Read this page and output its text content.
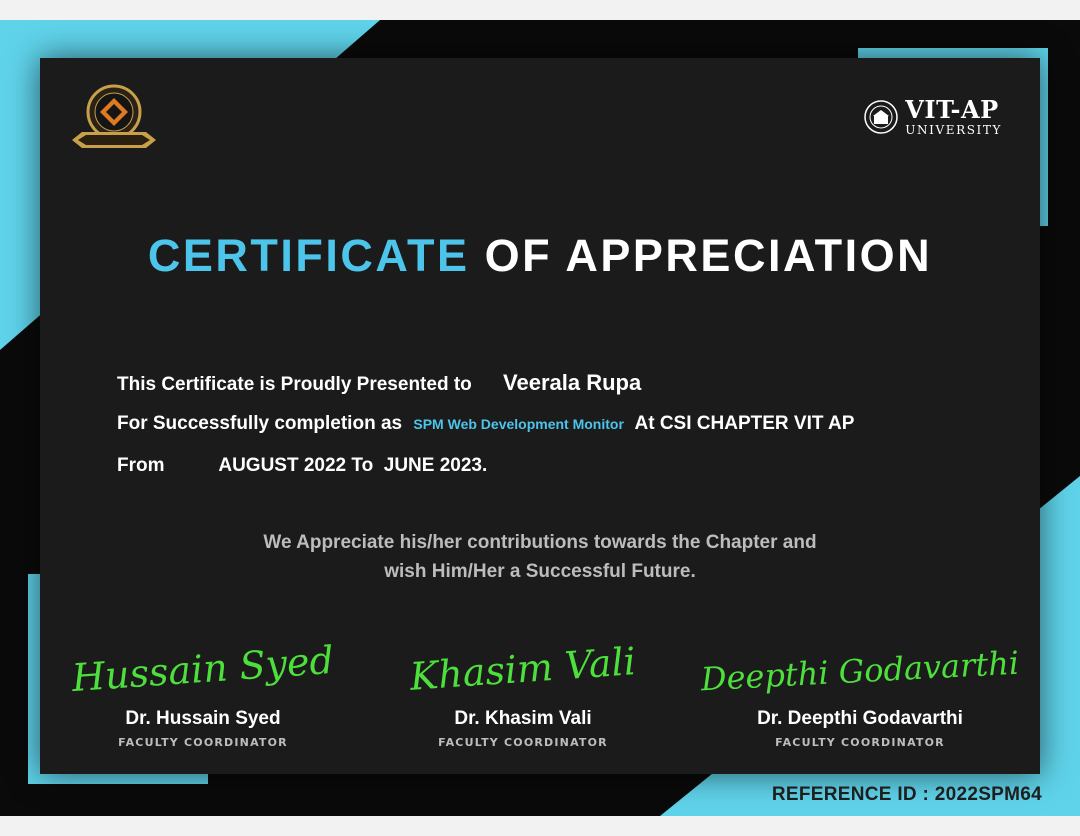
VIT-AP
UNIVERSITY
CERTIFICATE OF APPRECIATION
This Certificate is Proudly Presented to Veerala Rupa
For Successfully completion as SPM Web Development Monitor At CSI CHAPTER VIT AP
From	AUGUST 2022 To  JUNE 2023.
We Appreciate his/her contributions towards the Chapter and
wish Him/Her a Successful Future.
Hussain Syed
Dr. Hussain Syed
FACULTY COORDINATOR
Khasim Vali
Dr. Khasim Vali
FACULTY COORDINATOR
Deepthi Godavarthi
Dr. Deepthi Godavarthi
FACULTY COORDINATOR
REFERENCE ID : 2022SPM64
